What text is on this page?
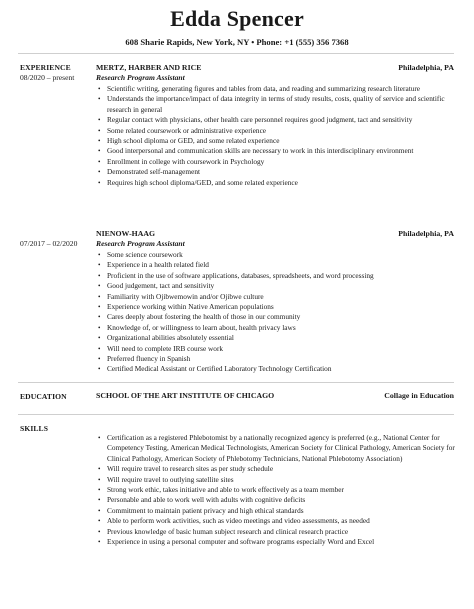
Edda Spencer
608 Sharie Rapids, New York, NY • Phone: +1 (555) 356 7368
EXPERIENCE
08/2020 – present
MERTZ, HARBER AND RICE	Philadelphia, PA
Research Program Assistant
• Scientific writing, generating figures and tables from data, and reading and summarizing research literature
• Understands the importance/impact of data integrity in terms of study results, costs, quality of service and scientific research in general
• Regular contact with physicians, other health care personnel requires good judgment, tact and sensitivity
• Some related coursework or administrative experience
• High school diploma or GED, and some related experience
• Good interpersonal and communication skills are necessary to work in this interdisciplinary environment
• Enrollment in college with coursework in Psychology
• Demonstrated self-management
• Requires high school diploma/GED, and some related experience
07/2017 – 02/2020
NIENOW-HAAG	Philadelphia, PA
Research Program Assistant
• Some science coursework
• Experience in a health related field
• Proficient in the use of software applications, databases, spreadsheets, and word processing
• Good judgement, tact and sensitivity
• Familiarity with Ojibwemowin and/or Ojibwe culture
• Experience working within Native American populations
• Cares deeply about fostering the health of those in our community
• Knowledge of, or willingness to learn about, health privacy laws
• Organizational abilities absolutely essential
• Will need to complete IRB course work
• Preferred fluency in Spanish
• Certified Medical Assistant or Certified Laboratory Technology Certification
EDUCATION	SCHOOL OF THE ART INSTITUTE OF CHICAGO	Collage in Education
SKILLS
• Certification as a registered Phlebotomist by a nationally recognized agency is preferred (e.g., National Center for Competency Testing, American Medical Technologists, American Society for Clinical Pathology, American Society for Clinical Pathology, American Society of Phlebotomy Technicians, National Phlebotomy Association)
• Will require travel to research sites as per study schedule
• Will require travel to outlying satellite sites
• Strong work ethic, takes initiative and able to work effectively as a team member
• Personable and able to work well with adults with cognitive deficits
• Commitment to maintain patient privacy and high ethical standards
• Able to perform work activities, such as video meetings and video assessments, as needed
• Previous knowledge of basic human subject research and clinical research practice
• Experience in using a personal computer and software programs especially Word and Excel
